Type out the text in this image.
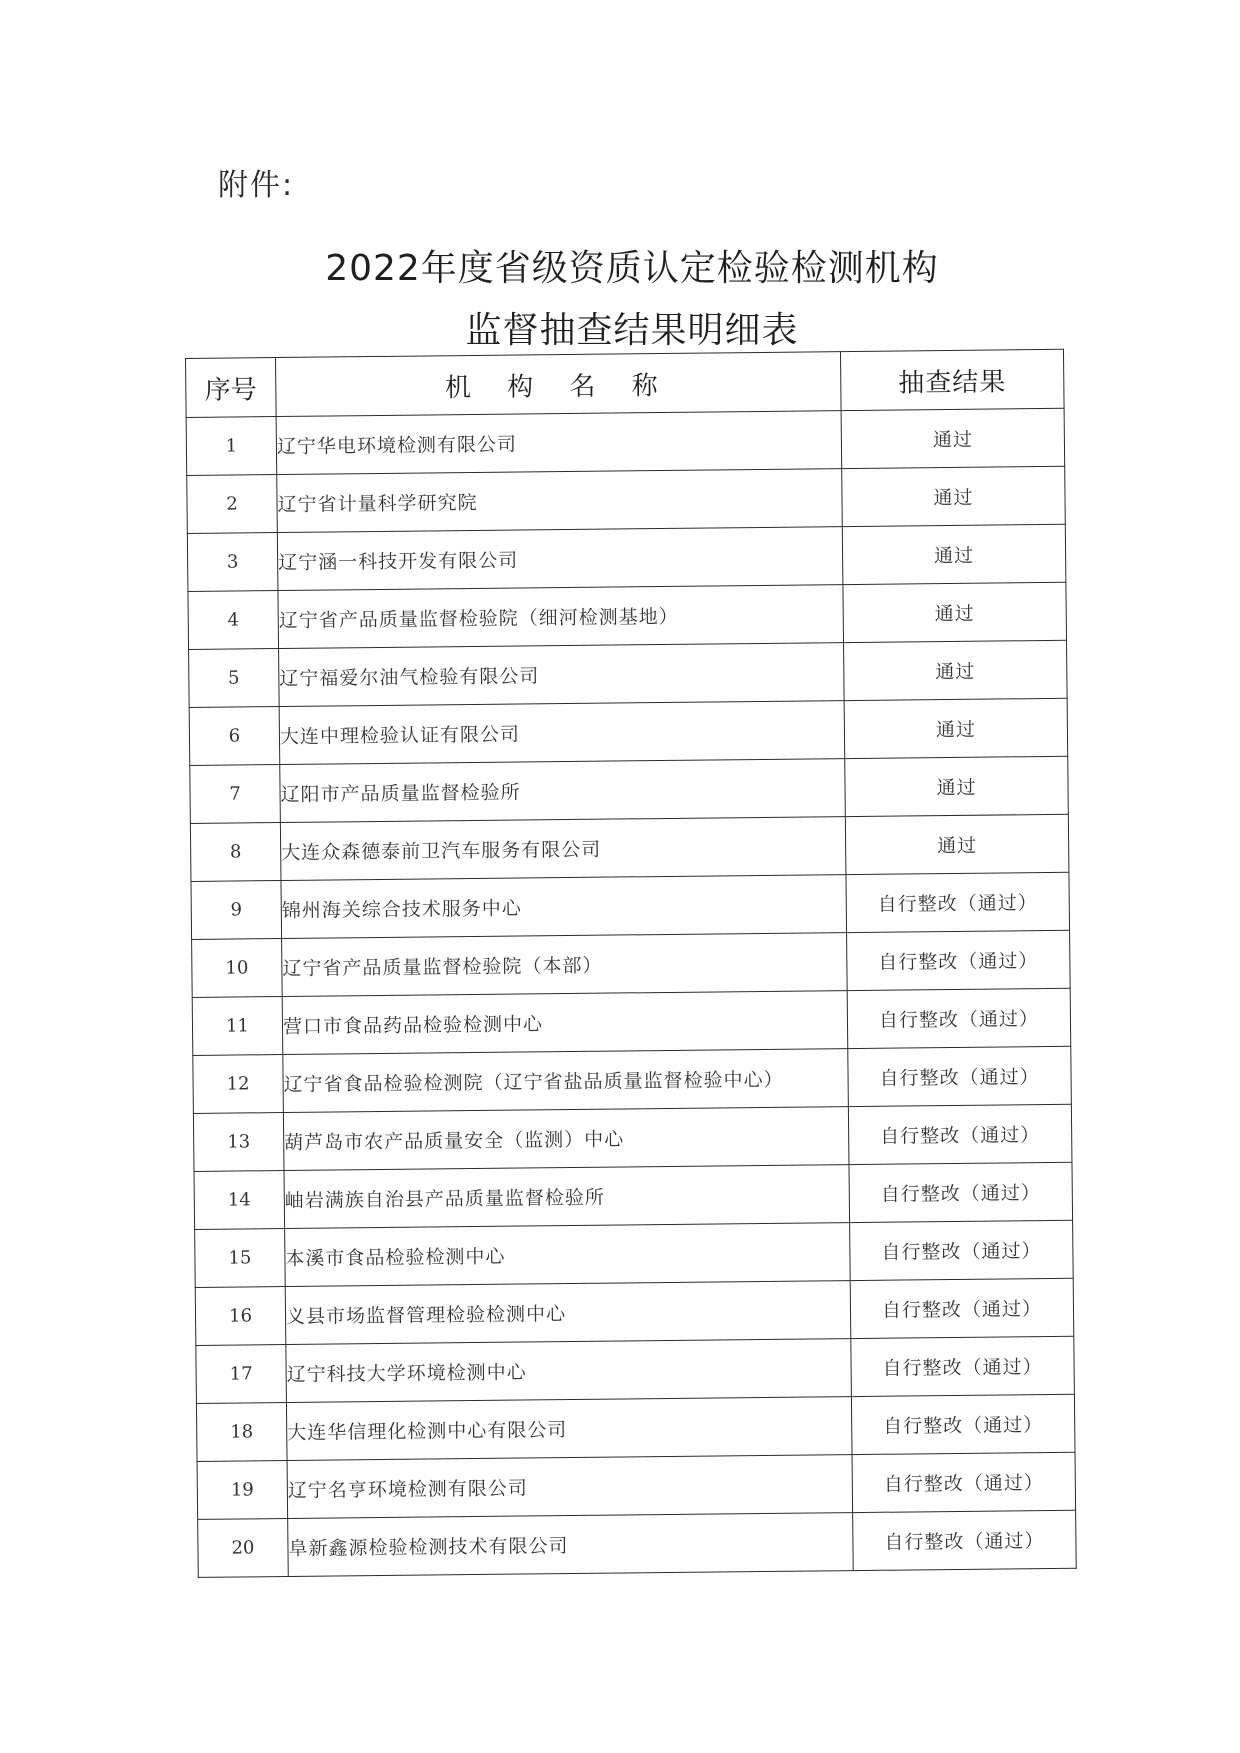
附件:
2022年度省级资质认定检验检测机构
监督抽查结果明细表
序号	机 构 名 称	抽查结果
1	辽宁华电环境检测有限公司	通过
2	辽宁省计量科学研究院	通过
3	辽宁涵一科技开发有限公司	通过
4	辽宁省产品质量监督检验院（细河检测基地）	通过
5	辽宁福爱尔油气检验有限公司	通过
6	大连中理检验认证有限公司	通过
7	辽阳市产品质量监督检验所	通过
8	大连众森德泰前卫汽车服务有限公司	通过
9	锦州海关综合技术服务中心	自行整改（通过）
10	辽宁省产品质量监督检验院（本部）	自行整改（通过）
11	营口市食品药品检验检测中心	自行整改（通过）
12	辽宁省食品检验检测院（辽宁省盐品质量监督检验中心）	自行整改（通过）
13	葫芦岛市农产品质量安全（监测）中心	自行整改（通过）
14	岫岩满族自治县产品质量监督检验所	自行整改（通过）
15	本溪市食品检验检测中心	自行整改（通过）
16	义县市场监督管理检验检测中心	自行整改（通过）
17	辽宁科技大学环境检测中心	自行整改（通过）
18	大连华信理化检测中心有限公司	自行整改（通过）
19	辽宁名亨环境检测有限公司	自行整改（通过）
20	阜新鑫源检验检测技术有限公司	自行整改（通过）
